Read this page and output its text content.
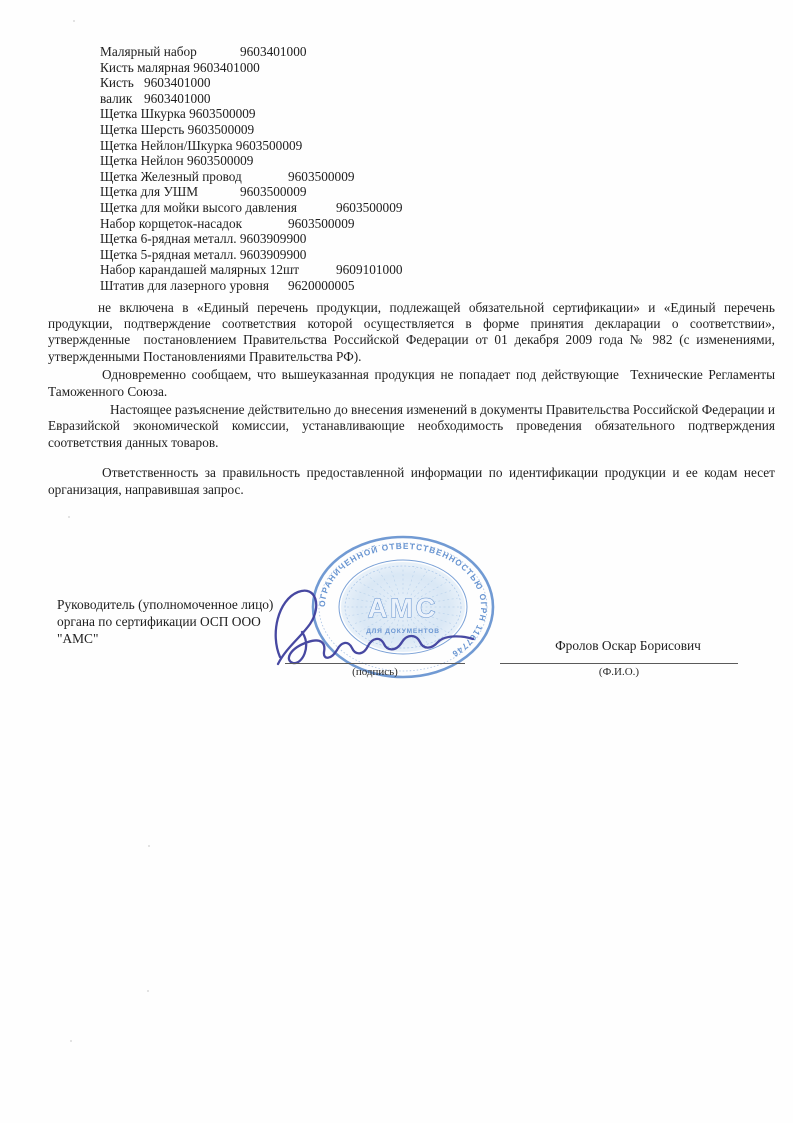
Малярный набор	9603401000
Кисть малярная 9603401000
Кисть	9603401000
валик	9603401000
Щетка Шкурка 9603500009
Щетка Шерсть 9603500009
Щетка Нейлон/Шкурка 9603500009
Щетка Нейлон 9603500009
Щетка Железный провод	9603500009
Щетка для УШМ	9603500009
Щетка для мойки высого давления	9603500009
Набор корщеток-насадок	9603500009
Щетка 6-рядная металл. 9603909900
Щетка 5-рядная металл. 9603909900
Набор карандашей малярных 12шт	9609101000
Штатив для лазерного уровня	9620000005

не включена в «Единый перечень продукции, подлежащей обязательной сертификации» и «Единый перечень продукции, подтверждение соответствия которой осуществляется в форме принятия декларации о соответствии», утвержденные  постановлением Правительства Российской Федерации от 01 декабря 2009 года № 982 (с изменениями, утвержденными Постановлениями Правительства РФ).

Одновременно сообщаем, что вышеуказанная продукция не попадает под действующие  Технические Регламенты Таможенного Союза.

Настоящее разъяснение действительно до внесения изменений в документы Правительства Российской Федерации и Евразийской экономической комиссии, устанавливающие необходимость проведения обязательного подтверждения соответствия данных товаров.

Ответственность за правильность предоставленной информации по идентификации продукции и ее кодам несет организация, направившая запрос.

Руководитель (уполномоченное лицо)
органа по сертификации ОСП ООО
"АМС"
ОГРАНИЧЕННОЙ ОТВЕТСТВЕННОСТЬЮ ОГРН 1167746
АМС
ДЛЯ ДОКУМЕНТОВ
(подпись)	(Ф.И.О.)
Фролов Оскар Борисович
